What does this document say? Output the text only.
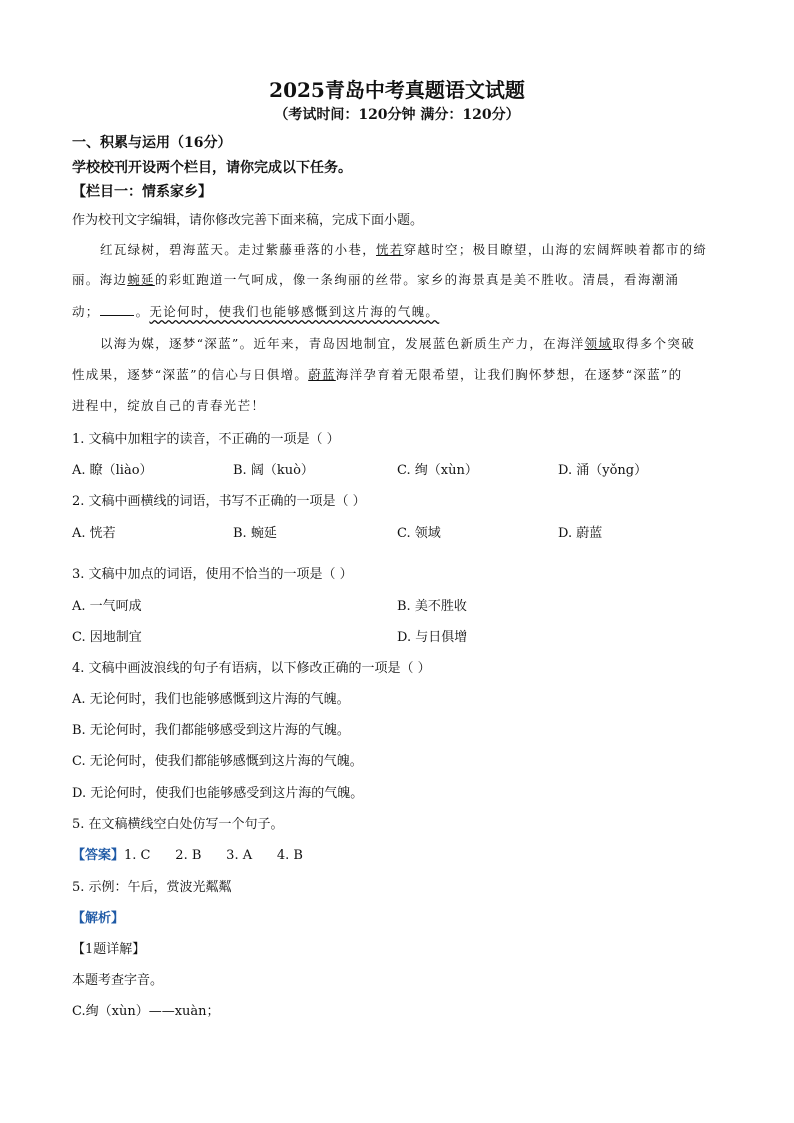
2025青岛中考真题语文试题
（考试时间：120分钟 满分：120分）
一、积累与运用（16分）
学校校刊开设两个栏目，请你完成以下任务。
【栏目一：情系家乡】
作为校刊文字编辑，请你修改完善下面来稿，完成下面小题。
红瓦绿树，碧海蓝天。走过紫藤垂落的小巷，恍若穿越时空；极目瞭望，山海的宏阔辉映着都市的绮
丽。海边蜿延的彩虹跑道一气呵成，像一条绚丽的丝带。家乡的海景真是美不胜收。清晨，看海潮涌
动；	。无论何时，使我们也能够感慨到这片海的气魄。
以海为媒，逐梦“深蓝”。近年来，青岛因地制宜，发展蓝色新质生产力，在海洋领域取得多个突破
性成果，逐梦“深蓝”的信心与日俱增。蔚蓝海洋孕育着无限希望，让我们胸怀梦想，在逐梦“深蓝”的
进程中，绽放自己的青春光芒！
1. 文稿中加粗字的读音，不正确的一项是（ ）
A. 瞭（liào）	B. 阔（kuò）	C. 绚（xùn）	D. 涌（yǒng）
2. 文稿中画横线的词语，书写不正确的一项是（ ）
A. 恍若	B. 蜿延	C. 领域	D. 蔚蓝
3. 文稿中加点的词语，使用不恰当的一项是（ ）
A. 一气呵成	B. 美不胜收
C. 因地制宜	D. 与日俱增
4. 文稿中画波浪线的句子有语病，以下修改正确的一项是（ ）
A. 无论何时，我们也能够感慨到这片海的气魄。
B. 无论何时，我们都能够感受到这片海的气魄。
C. 无论何时，使我们都能够感慨到这片海的气魄。
D. 无论何时，使我们也能够感受到这片海的气魄。
5. 在文稿横线空白处仿写一个句子。
【答案】1. C      2. B      3. A      4. B
5. 示例：午后，赏波光粼粼
【解析】
【1题详解】
本题考查字音。
C.绚（xùn）——xuàn；
